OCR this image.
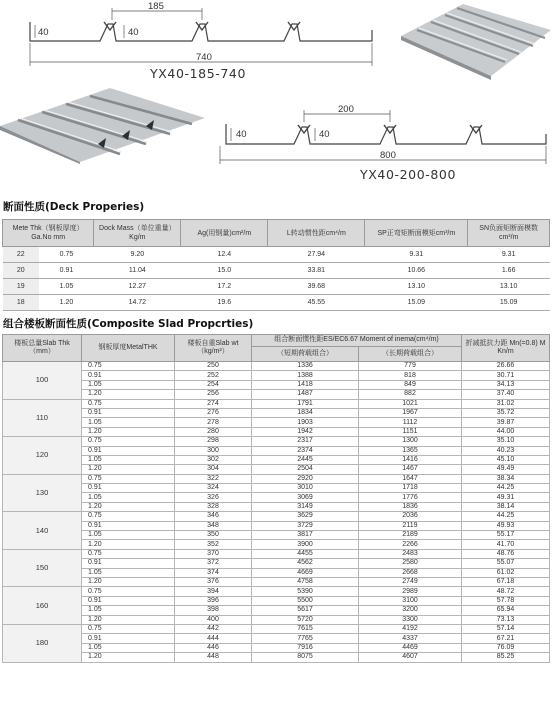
40	40
185
740
YX40-185-740
40	40
200
800
YX40-200-800
断面性质(Deck Properies)
Mete Thk（钢板厚度）Ga.No mm		Dock Mass（单位重量）Kg/m	Ag(用钢量)cm²/m	L转动惯性距cm⁴/m	SP正弯矩断面模矩cm³/m	SN负面矩断面模数cm³/m
22	0.75	9.20	12.4	27.94	9.31	9.31
20	0.91	11.04	15.0	33.81	10.66	1.66
19	1.05	12.27	17.2	39.68	13.10	13.10
18	1.20	14.72	19.6	45.55	15.09	15.09
组合楼板断面性质(Composite Slad Propcrties)
楼板总量Slab Thk（mm）	钢板厚度MetalTHK	楼板自重Slab wt（kg/m²）	组合断面惯性距ES/EC6.67 Moment of inema(cm⁴/m)		折减抵抗力距 Mn(=0.8) M Kn/m
			（短期荷载组合）	（长期荷载组合）	
100	0.75	250	1336	779	26.66
	0.91	252	1388	818	30.71
	1.05	254	1418	849	34.13
	1.20	256	1487	882	37.40
110	0.75	274	1791	1021	31.02
	0.91	276	1834	1967	35.72
	1.05	278	1903	1112	39.87
	1.20	280	1942	1151	44.00
120	0.75	298	2317	1300	35.10
	0.91	300	2374	1365	40.23
	1.05	302	2445	1416	45.10
	1.20	304	2504	1467	49.49
130	0.75	322	2920	1647	38.34
	0.91	324	3010	1718	44.25
	1.05	326	3069	1776	49.31
	1.20	328	3149	1836	38.14
140	0.75	346	3629	2036	44.25
	0.91	348	3729	2119	49.93
	1.05	350	3817	2189	55.17
	1.20	352	3900	2266	41.70
150	0.75	370	4455	2483	48.76
	0.91	372	4562	2580	55.07
	1.05	374	4669	2668	61.02
	1.20	376	4758	2749	67.18
160	0.75	394	5390	2989	48.72
	0.91	396	5500	3100	57.78
	1.05	398	5617	3200	65.94
	1.20	400	5720	3300	73.13
180	0.75	442	7615	4192	57.14
	0.91	444	7765	4337	67.21
	1.05	446	7916	4469	76.09
	1.20	448	8075	4607	85.25
